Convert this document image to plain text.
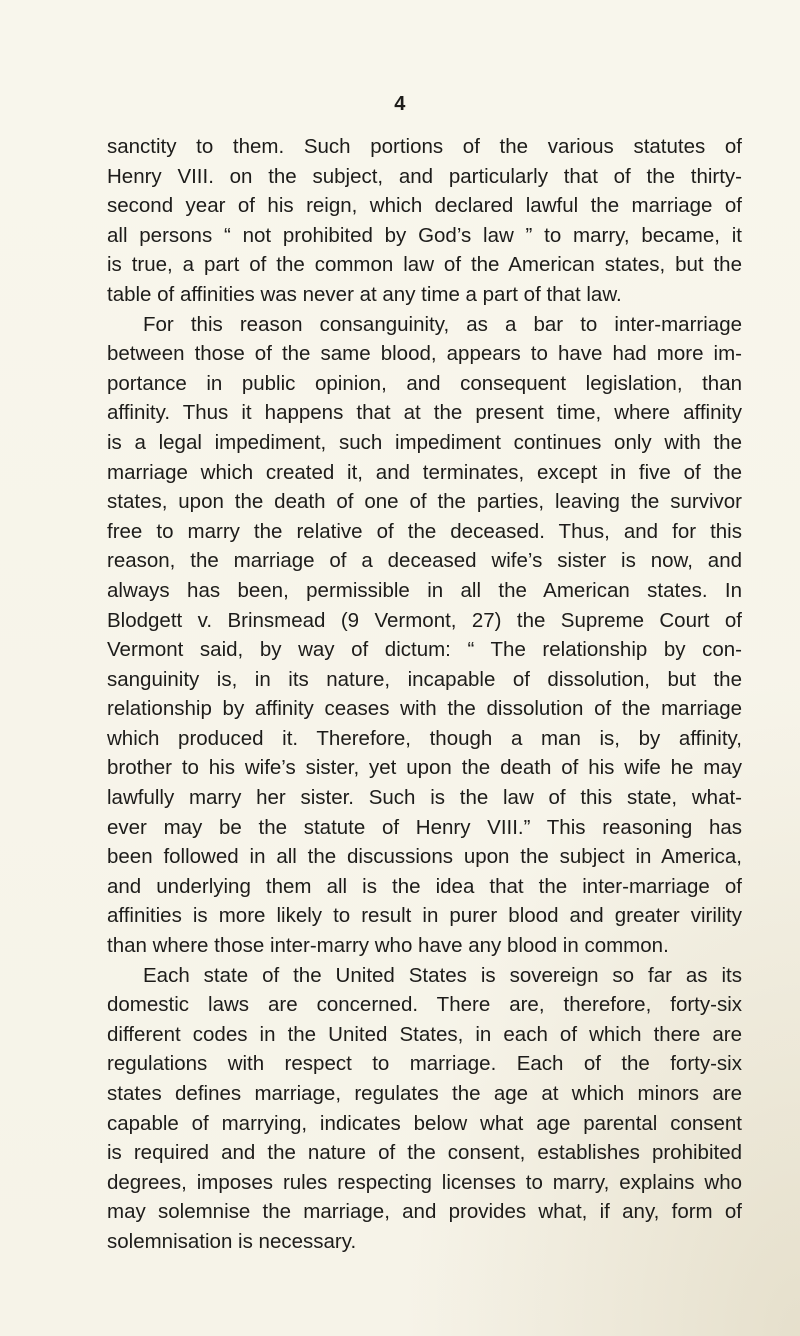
4
sanctity to them. Such portions of the various statutes of
Henry VIII. on the subject, and particularly that of the thirty-
second year of his reign, which declared lawful the marriage of
all persons “ not prohibited by God’s law ” to marry, became, it
is true, a part of the common law of the American states, but the
table of affinities was never at any time a part of that law.
For this reason consanguinity, as a bar to inter-marriage
between those of the same blood, appears to have had more im-
portance in public opinion, and consequent legislation, than
affinity. Thus it happens that at the present time, where affinity
is a legal impediment, such impediment continues only with the
marriage which created it, and terminates, except in five of the
states, upon the death of one of the parties, leaving the survivor
free to marry the relative of the deceased. Thus, and for this
reason, the marriage of a deceased wife’s sister is now, and
always has been, permissible in all the American states. In
Blodgett v. Brinsmead (9 Vermont, 27) the Supreme Court of
Vermont said, by way of dictum: “ The relationship by con-
sanguinity is, in its nature, incapable of dissolution, but the
relationship by affinity ceases with the dissolution of the marriage
which produced it. Therefore, though a man is, by affinity,
brother to his wife’s sister, yet upon the death of his wife he may
lawfully marry her sister. Such is the law of this state, what-
ever may be the statute of Henry VIII.” This reasoning has
been followed in all the discussions upon the subject in America,
and underlying them all is the idea that the inter-marriage of
affinities is more likely to result in purer blood and greater virility
than where those inter-marry who have any blood in common.
Each state of the United States is sovereign so far as its
domestic laws are concerned. There are, therefore, forty-six
different codes in the United States, in each of which there are
regulations with respect to marriage. Each of the forty-six
states defines marriage, regulates the age at which minors are
capable of marrying, indicates below what age parental consent
is required and the nature of the consent, establishes prohibited
degrees, imposes rules respecting licenses to marry, explains who
may solemnise the marriage, and provides what, if any, form of
solemnisation is necessary.
